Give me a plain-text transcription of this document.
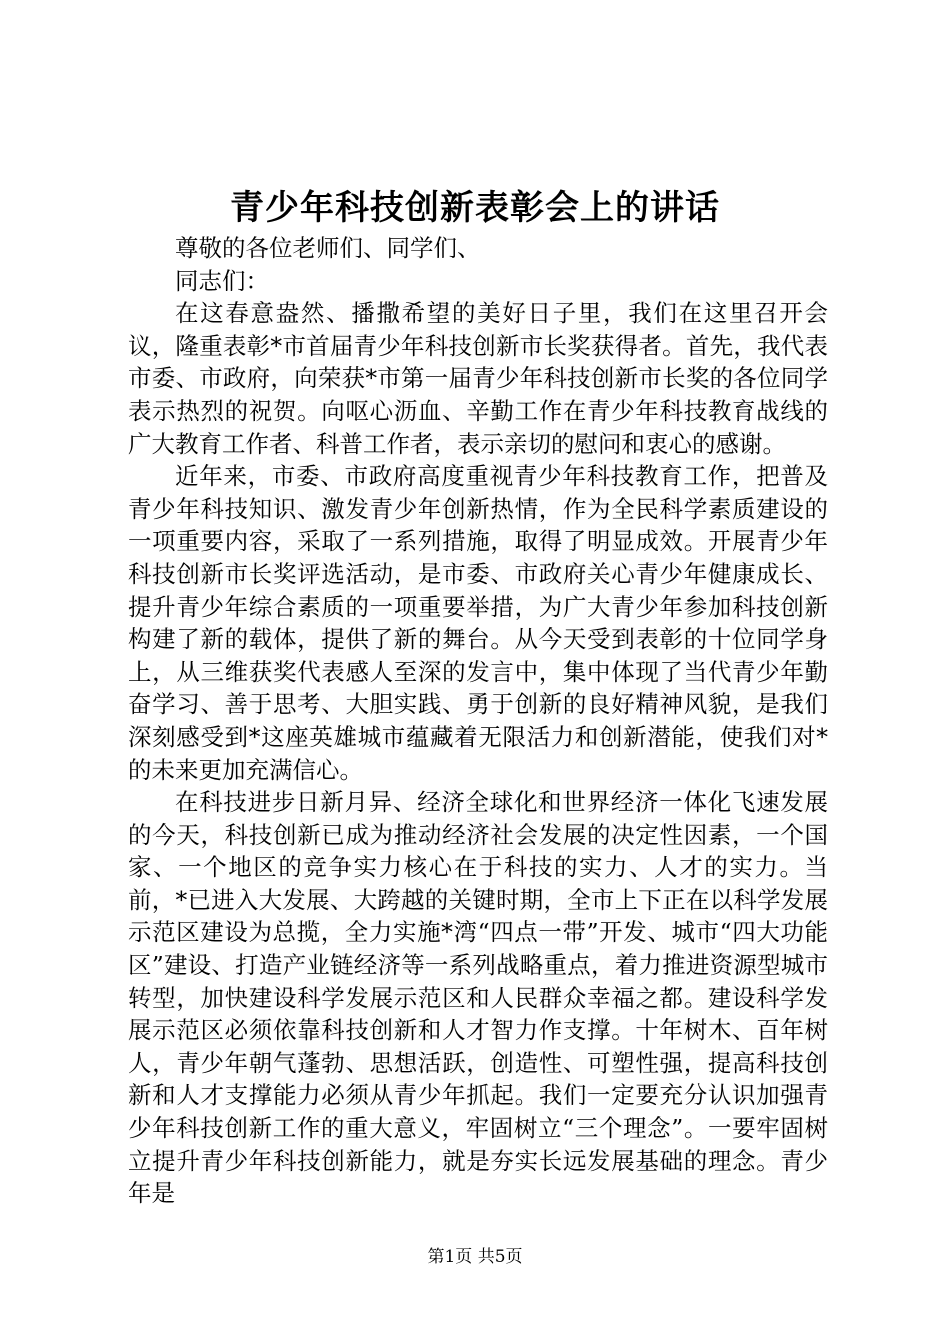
青少年科技创新表彰会上的讲话

尊敬的各位老师们、同学们、

同志们：

在这春意盎然、播撒希望的美好日子里，我们在这里召开会议，隆重表彰*市首届青少年科技创新市长奖获得者。首先，我代表市委、市政府，向荣获*市第一届青少年科技创新市长奖的各位同学表示热烈的祝贺。向呕心沥血、辛勤工作在青少年科技教育战线的广大教育工作者、科普工作者，表示亲切的慰问和衷心的感谢。

近年来，市委、市政府高度重视青少年科技教育工作，把普及青少年科技知识、激发青少年创新热情，作为全民科学素质建设的一项重要内容，采取了一系列措施，取得了明显成效。开展青少年科技创新市长奖评选活动，是市委、市政府关心青少年健康成长、提升青少年综合素质的一项重要举措，为广大青少年参加科技创新构建了新的载体，提供了新的舞台。从今天受到表彰的十位同学身上，从三维获奖代表感人至深的发言中，集中体现了当代青少年勤奋学习、善于思考、大胆实践、勇于创新的良好精神风貌，是我们深刻感受到*这座英雄城市蕴藏着无限活力和创新潜能，使我们对*的未来更加充满信心。

在科技进步日新月异、经济全球化和世界经济一体化飞速发展的今天，科技创新已成为推动经济社会发展的决定性因素，一个国家、一个地区的竞争实力核心在于科技的实力、人才的实力。当前，*已进入大发展、大跨越的关键时期，全市上下正在以科学发展示范区建设为总揽，全力实施*湾“四点一带”开发、城市“四大功能区”建设、打造产业链经济等一系列战略重点，着力推进资源型城市转型，加快建设科学发展示范区和人民群众幸福之都。建设科学发展示范区必须依靠科技创新和人才智力作支撑。十年树木、百年树人，青少年朝气蓬勃、思想活跃，创造性、可塑性强，提高科技创新和人才支撑能力必须从青少年抓起。我们一定要充分认识加强青少年科技创新工作的重大意义，牢固树立“三个理念”。一要牢固树立提升青少年科技创新能力，就是夯实长远发展基础的理念。青少年是

第1页 共5页
